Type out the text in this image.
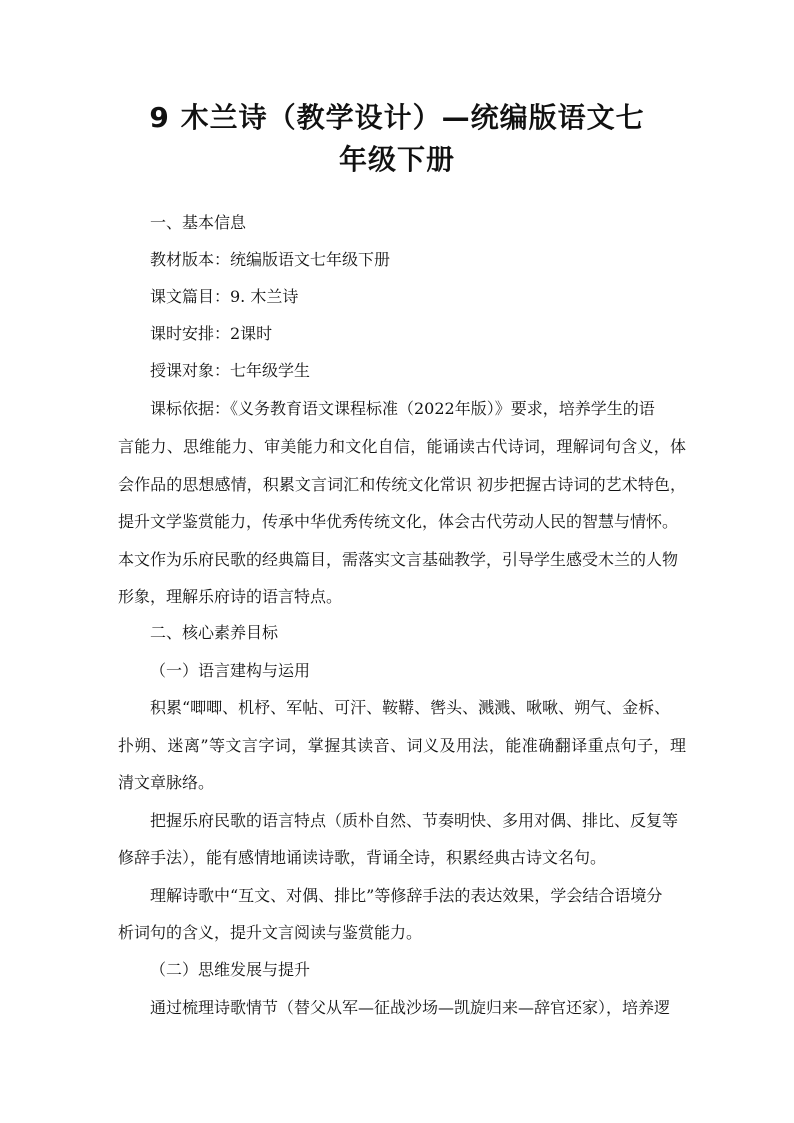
9 木兰诗（教学设计）—统编版语文七
年级下册
一、基本信息
教材版本：统编版语文七年级下册
课文篇目：9. 木兰诗
课时安排：2课时
授课对象：七年级学生
课标依据：《义务教育语文课程标准（2022年版）》要求，培养学生的语
言能力、思维能力、审美能力和文化自信，能诵读古代诗词，理解词句含义，体
会作品的思想感情，积累文言词汇和传统文化常识 初步把握古诗词的艺术特色，
提升文学鉴赏能力，传承中华优秀传统文化，体会古代劳动人民的智慧与情怀。
本文作为乐府民歌的经典篇目，需落实文言基础教学，引导学生感受木兰的人物
形象，理解乐府诗的语言特点。
二、核心素养目标
（一）语言建构与运用
积累“唧唧、机杼、军帖、可汗、鞍鞯、辔头、溅溅、啾啾、朔气、金柝、
扑朔、迷离”等文言字词，掌握其读音、词义及用法，能准确翻译重点句子，理
清文章脉络。
把握乐府民歌的语言特点（质朴自然、节奏明快、多用对偶、排比、反复等
修辞手法），能有感情地诵读诗歌，背诵全诗，积累经典古诗文名句。
理解诗歌中“互文、对偶、排比”等修辞手法的表达效果，学会结合语境分
析词句的含义，提升文言阅读与鉴赏能力。
（二）思维发展与提升
通过梳理诗歌情节（替父从军—征战沙场—凯旋归来—辞官还家），培养逻
